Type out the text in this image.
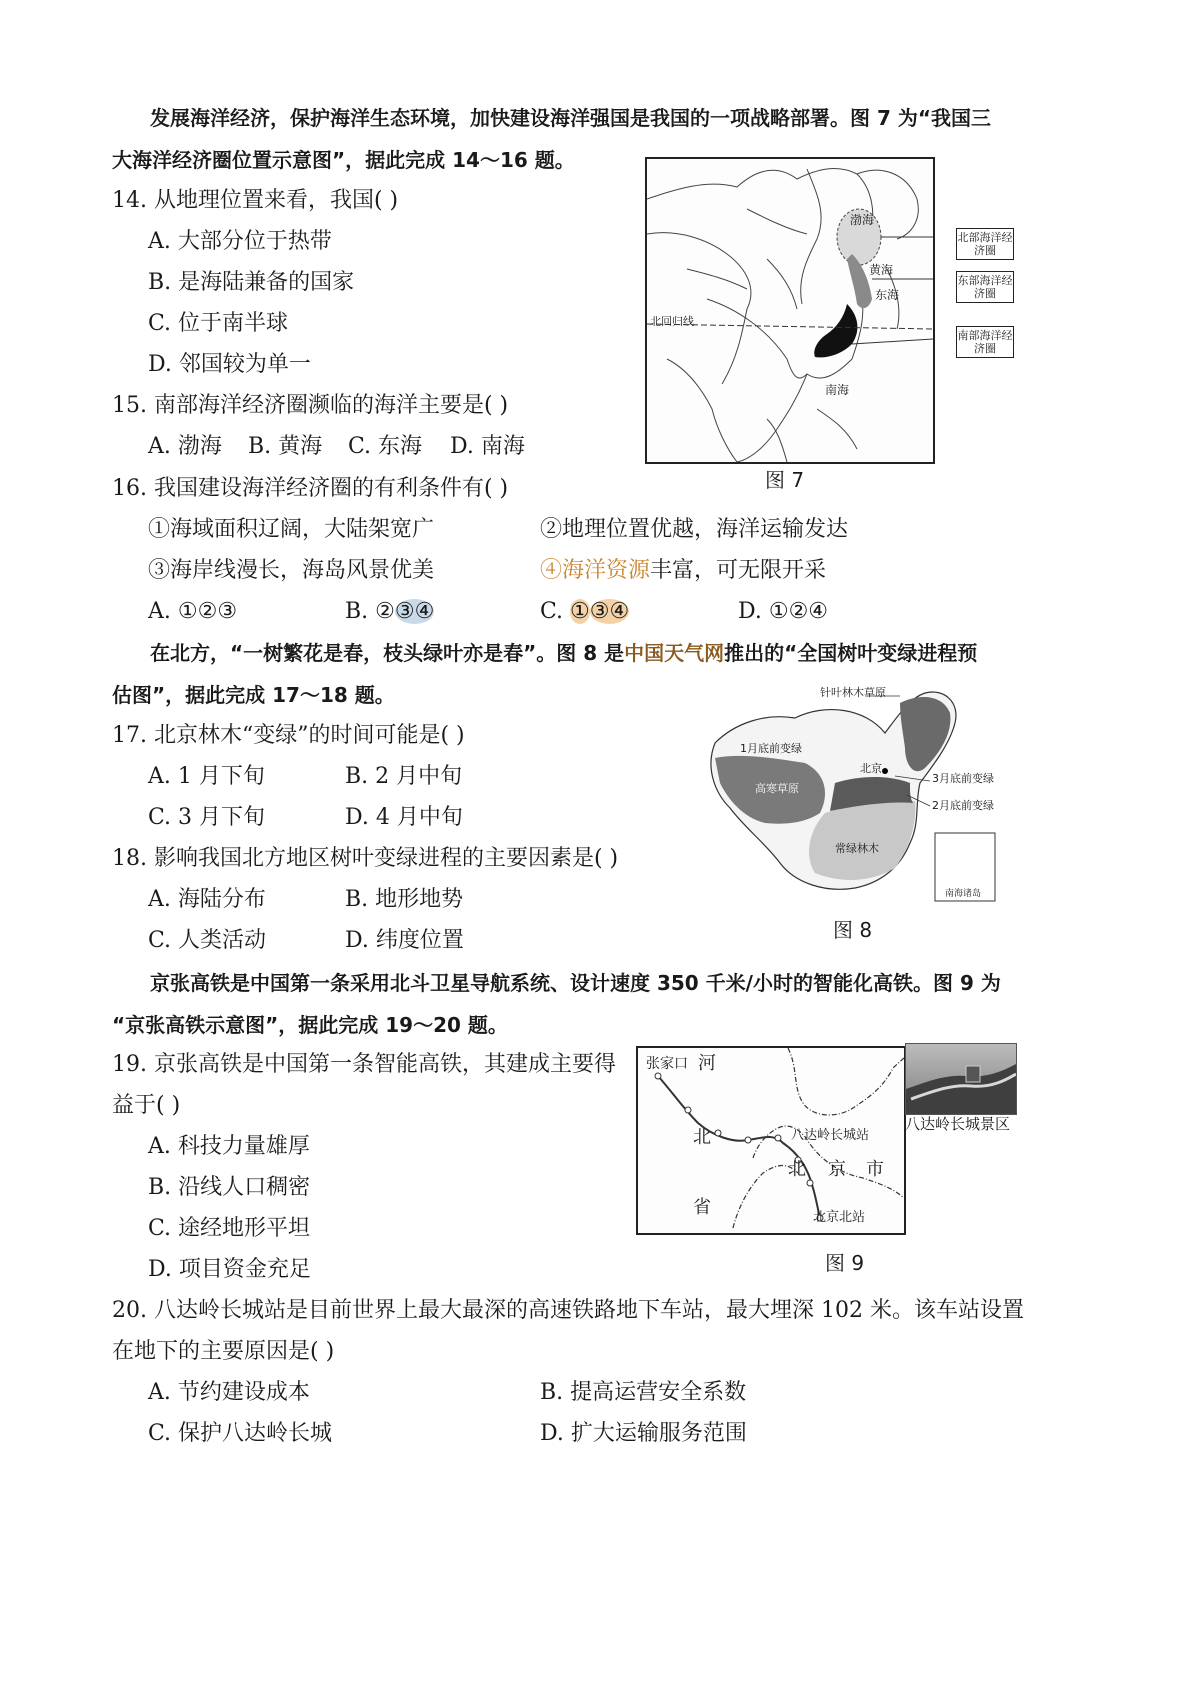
发展海洋经济，保护海洋生态环境，加快建设海洋强国是我国的一项战略部署。图 7 为“我国三
大海洋经济圈位置示意图”，据此完成 14～16 题。
14. 从地理位置来看，我国( )
A. 大部分位于热带
B. 是海陆兼备的国家
C. 位于南半球
D. 邻国较为单一
15. 南部海洋经济圈濒临的海洋主要是( )
A. 渤海 B. 黄海 C. 东海 D. 南海
16. 我国建设海洋经济圈的有利条件有( )
①海域面积辽阔，大陆架宽广	②地理位置优越，海洋运输发达
③海岸线漫长，海岛风景优美	④海洋资源丰富，可无限开采
A. ①②③	B. ②③④	C. ①③④	D. ①②④
北回归线
渤海
黄海
东海
南海
北部海洋经济圈
东部海洋经济圈
南部海洋经济圈
图 7
在北方，“一树繁花是春，枝头绿叶亦是春”。图 8 是中国天气网推出的“全国树叶变绿进程预
估图”，据此完成 17～18 题。
17. 北京林木“变绿”的时间可能是( )
A. 1 月下旬	B. 2 月中旬
C. 3 月下旬	D. 4 月中旬
18. 影响我国北方地区树叶变绿进程的主要因素是( )
A. 海陆分布	B. 地形地势
C. 人类活动	D. 纬度位置
针叶林木草原
1月底前变绿
北京
3月底前变绿
2月底前变绿
高寒草原
常绿林木
南海诸岛
图 8
京张高铁是中国第一条采用北斗卫星导航系统、设计速度 350 千米/小时的智能化高铁。图 9 为
“京张高铁示意图”，据此完成 19～20 题。
19. 京张高铁是中国第一条智能高铁，其建成主要得
益于( )
A. 科技力量雄厚
B. 沿线人口稠密
C. 途经地形平坦
D. 项目资金充足
张家口 河
北
省
八达岭长城站
北 京 市
北京北站
八达岭长城景区
图 9
20. 八达岭长城站是目前世界上最大最深的高速铁路地下车站，最大埋深 102 米。该车站设置
在地下的主要原因是( )
A. 节约建设成本	B. 提高运营安全系数
C. 保护八达岭长城	D. 扩大运输服务范围
